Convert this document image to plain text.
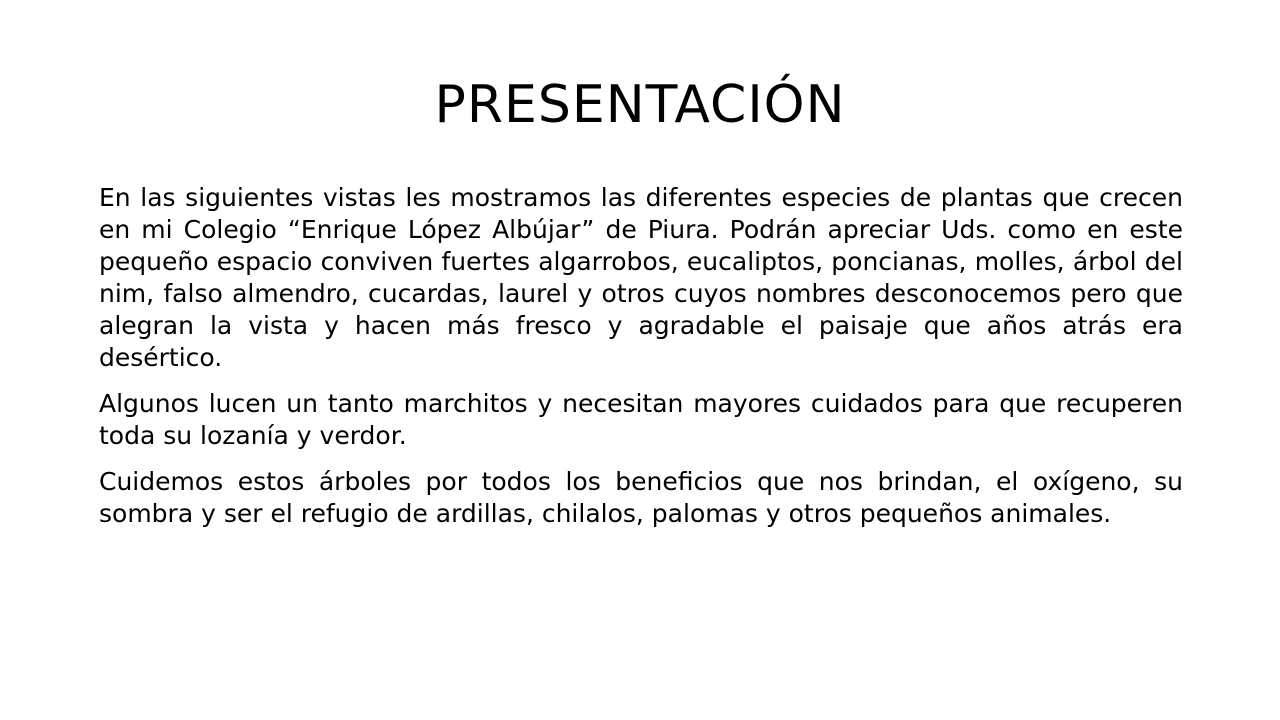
PRESENTACIÓN

En las siguientes vistas les mostramos las diferentes especies de plantas que crecen en mi Colegio “Enrique López Albújar” de Piura. Podrán apreciar Uds. como en este pequeño espacio conviven fuertes algarrobos, eucaliptos, poncianas, molles, árbol del nim, falso almendro, cucardas, laurel y otros cuyos nombres desconocemos pero que alegran la vista y hacen más fresco y agradable el paisaje que años atrás era desértico.

Algunos lucen un tanto marchitos y necesitan mayores cuidados para que recuperen toda su lozanía y verdor.

Cuidemos estos árboles por todos los beneficios que nos brindan, el oxígeno, su sombra y ser el refugio de ardillas, chilalos, palomas y otros pequeños animales.
